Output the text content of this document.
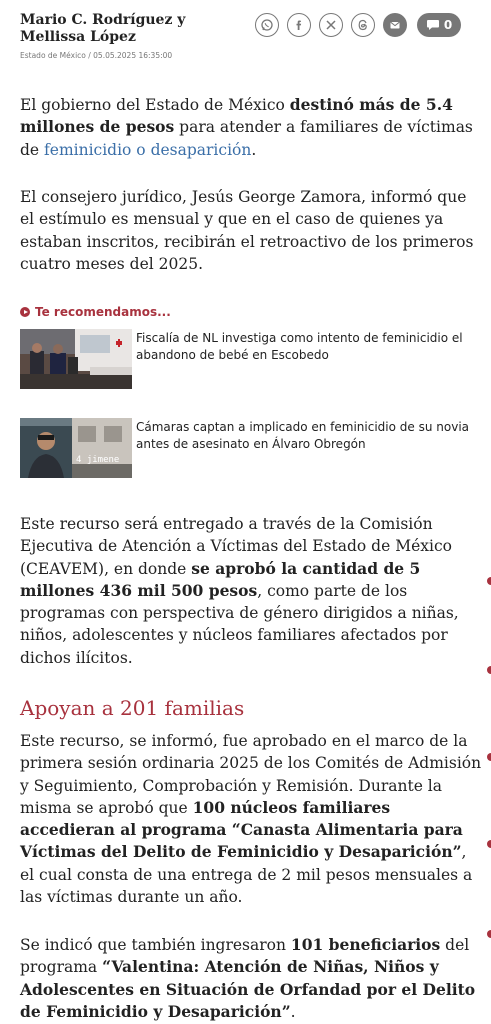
Mario C. Rodríguez y Mellissa López
Estado de México / 05.05.2025 16:35:00
0

El gobierno del Estado de México destinó más de 5.4 millones de pesos para atender a familiares de víctimas de feminicidio o desaparición.

El consejero jurídico, Jesús George Zamora, informó que el estímulo es mensual y que en el caso de quienes ya estaban inscritos, recibirán el retroactivo de los primeros cuatro meses del 2025.

Te recomendamos...
Fiscalía de NL investiga como intento de feminicidio el abandono de bebé en Escobedo
4 jimene
Cámaras captan a implicado en feminicidio de su novia antes de asesinato en Álvaro Obregón

Este recurso será entregado a través de la Comisión Ejecutiva de Atención a Víctimas del Estado de México (CEAVEM), en donde se aprobó la cantidad de 5 millones 436 mil 500 pesos, como parte de los programas con perspectiva de género dirigidos a niñas, niños, adolescentes y núcleos familiares afectados por dichos ilícitos.

Apoyan a 201 familias

Este recurso, se informó, fue aprobado en el marco de la primera sesión ordinaria 2025 de los Comités de Admisión y Seguimiento, Comprobación y Remisión. Durante la misma se aprobó que 100 núcleos familiares accedieran al programa “Canasta Alimentaria para Víctimas del Delito de Feminicidio y Desaparición”, el cual consta de una entrega de 2 mil pesos mensuales a las víctimas durante un año.

Se indicó que también ingresaron 101 beneficiarios del programa “Valentina: Atención de Niñas, Niños y Adolescentes en Situación de Orfandad por el Delito de Feminicidio y Desaparición”.
